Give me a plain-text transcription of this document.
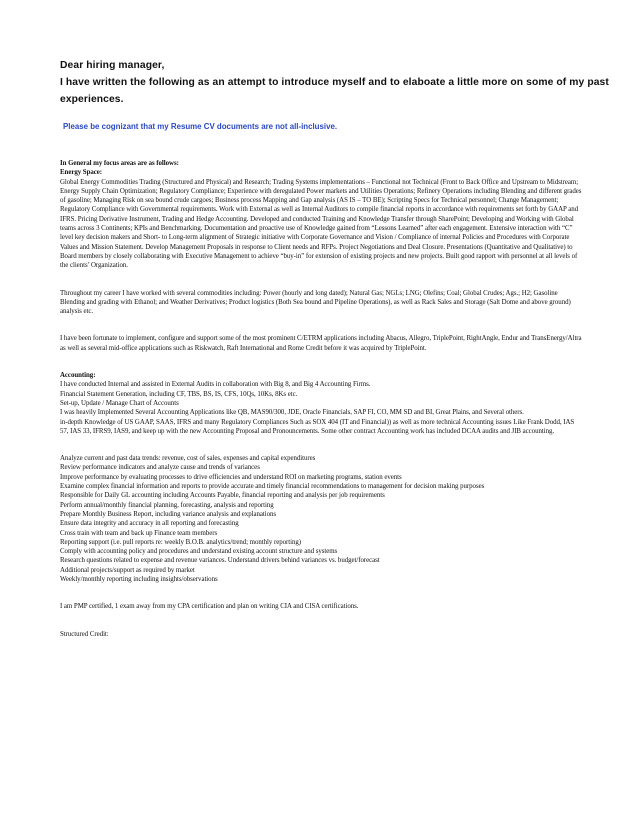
Dear hiring manager,
I have written the following as an attempt to introduce myself and to elaboate a little more on some of my past
experiences.
Please be cognizant that my Resume CV documents are not all-inclusive.
In General my focus areas are as follows:
Energy Space:
Global Energy Commodities Trading (Structured and Physical) and Research; Trading Systems implementations – Functional not Technical (Front to Back Office and Upstream to Midstream; Energy Supply Chain Optimization; Regulatory Compliance; Experience with deregulated Power markets and Utilities Operations; Refinery Operations including Blending and different grades of gasoline; Managing Risk on sea bound crude cargoes; Business process Mapping and Gap analysis (AS IS – TO BE); Scripting Specs for Technical personnel; Change Management; Regulatory Compliance with Governmental requirements. Work with External as well as Internal Auditors to compile financial reports in accordance with requirements set forth by GAAP and IFRS. Pricing Derivative Instrument, Trading and Hedge Accounting. Developed and conducted Training and Knowledge Transfer through SharePoint; Developing and Working with Global teams across 3 Continents; KPIs and Benchmarking. Documentation and proactive use of Knowledge gained from “Lessons Learned” after each engagement. Extensive interaction with “C” level key decision makers and Short- to Long-term alignment of Strategic initiative with Corporate Governance and Vision / Compliance of internal Policies and Procedures with Corporate Values and Mission Statement. Develop Management Proposals in response to Client needs and RFPs. Project Negotiations and Deal Closure. Presentations (Quantitative and Qualitative) to Board members by closely collaborating with Executive Management to achieve “buy-in” for extension of existing projects and new projects. Built good rapport with personnel at all levels of the clients’ Organization.
Throughout my career I have worked with several commodities including: Power (hourly and long dated); Natural Gas; NGLs; LNG; Olefins; Coal; Global Crudes; Ags.; H2; Gasoline Blending and grading with Ethanol; and Weather Derivatives; Product logistics (Both Sea bound and Pipeline Operations), as well as Rack Sales and Storage (Salt Dome and above ground) analysis etc.
I have been fortunate to implement, configure and support some of the most prominent C/ETRM applications including Abacus, Allegro, TriplePoint, RightAngle, Endur and TransEnergy/Altra as well as several mid-office applications such as Riskwatch, Raft International and Rome Credit before it was acquired by TriplePoint.
Accounting:
I have conducted Internal and assisted in External Audits in collaboration with Big 8, and Big 4 Accounting Firms.
Financial Statement Generation, including CF, TBS, BS, IS, CFS, 10Qs, 10Ks, 8Ks etc.
Set-up, Update / Manage Chart of Accounts
I was heavily Implemented Several Accounting Applications like QB, MAS90/300, JDE, Oracle Financials, SAP FI, CO, MM SD and BI, Great Plains, and Several others.
in-depth Knowledge of US GAAP, SAAS, IFRS and many Regulatory Compliances Such as SOX 404 (IT and Financial)) as well as more technical Accounting issues Like Frank Dodd, IAS 57, IAS 33, IFRS9, IAS9, and keep up with the new Accounting Proposal and Pronouncements. Some other contract Accounting work has included DCAA audits and JIB accounting.
Analyze current and past data trends: revenue, cost of sales, expenses and capital expenditures
Review performance indicators and analyze cause and trends of variances
Improve performance by evaluating processes to drive efficiencies and understand ROI on marketing programs, station events
Examine complex financial information and reports to provide accurate and timely financial recommendations to management for decision making purposes
Responsible for Daily GL accounting including Accounts Payable, financial reporting and analysis per job requirements
Perform annual/monthly financial planning, forecasting, analysis and reporting
Prepare Monthly Business Report, including variance analysis and explanations
Ensure data integrity and accuracy in all reporting and forecasting
Cross train with team and back up Finance team members
Reporting support (i.e. pull reports re: weekly B.O.B. analytics/trend; monthly reporting)
Comply with accounting policy and procedures and understand existing account structure and systems
Research questions related to expense and revenue variances. Understand drivers behind variances vs. budget/forecast
Additional projects/support as required by market
Weekly/monthly reporting including insights/observations
I am PMP certified, 1 exam away from my CPA certification and plan on writing CIA and CISA certifications.
Structured Credit:
